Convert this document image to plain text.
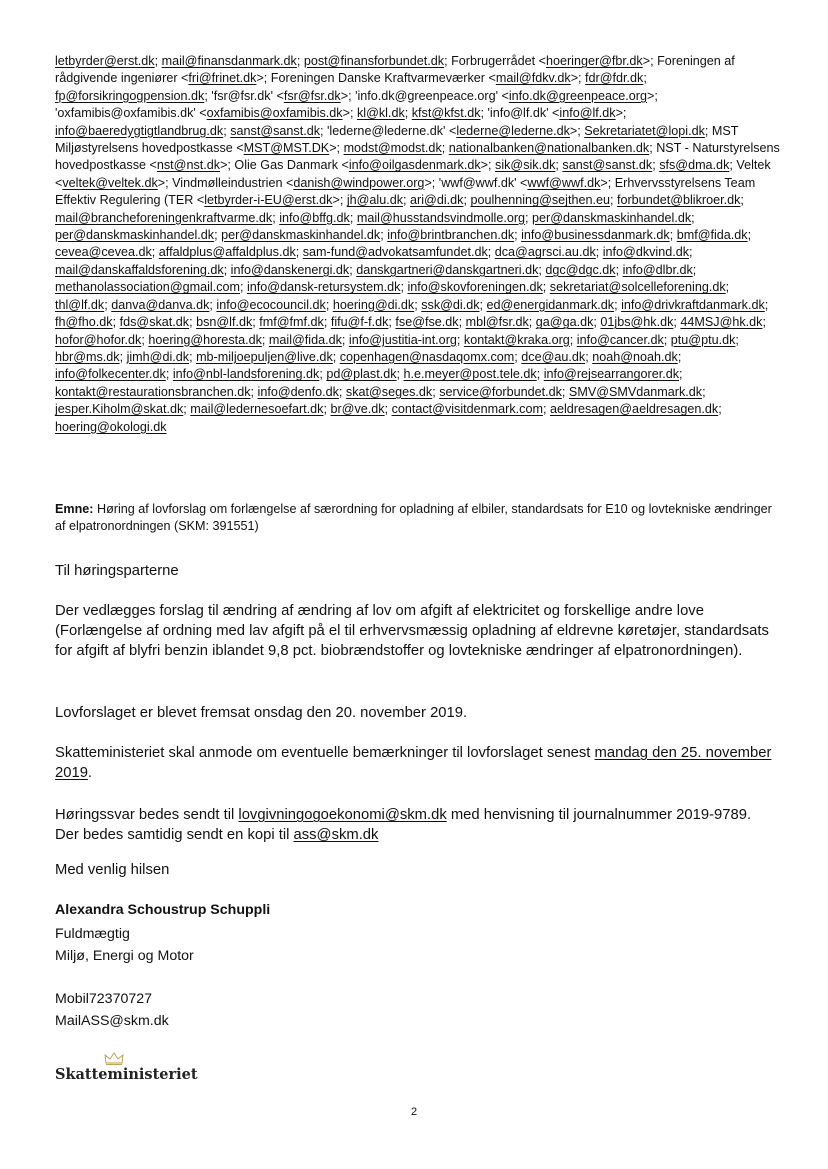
letbyrder@erst.dk; mail@finansdanmark.dk; post@finansforbundet.dk; Forbrugerrådet <hoeringer@fbr.dk>; Foreningen af rådgivende ingeniører <fri@frinet.dk>; Foreningen Danske Kraftvarmeværker <mail@fdkv.dk>; fdr@fdr.dk; fp@forsikringogpension.dk; 'fsr@fsr.dk' <fsr@fsr.dk>; 'info.dk@greenpeace.org' <info.dk@greenpeace.org>; 'oxfamibis@oxfamibis.dk' <oxfamibis@oxfamibis.dk>; kl@kl.dk; kfst@kfst.dk; 'info@lf.dk' <info@lf.dk>; info@baeredygtigtlandbrug.dk; sanst@sanst.dk; 'lederne@lederne.dk' <lederne@lederne.dk>; Sekretariatet@lopi.dk; MST Miljøstyrelsens hovedpostkasse <MST@MST.DK>; modst@modst.dk; nationalbanken@nationalbanken.dk; NST - Naturstyrelsens hovedpostkasse <nst@nst.dk>; Olie Gas Danmark <info@oilgasdenmark.dk>; sik@sik.dk; sanst@sanst.dk; sfs@dma.dk; Veltek <veltek@veltek.dk>; Vindmølleindustrien <danish@windpower.org>; 'wwf@wwf.dk' <wwf@wwf.dk>; Erhvervsstyrelsens Team Effektiv Regulering (TER <letbyrder-i-EU@erst.dk>; jh@alu.dk; ari@di.dk; poulhenning@sejthen.eu; forbundet@blikroer.dk; mail@brancheforeningenkraftvarme.dk; info@bffg.dk; mail@husstandsvindmolle.org; per@danskmaskinhandel.dk; per@danskmaskinhandel.dk; per@danskmaskinhandel.dk; info@brintbranchen.dk; info@businessdanmark.dk; bmf@fida.dk; cevea@cevea.dk; affaldplus@affaldplus.dk; sam-fund@advokatsamfundet.dk; dca@agrsci.au.dk; info@dkvind.dk; mail@danskaffaldsforening.dk; info@danskenergi.dk; danskgartneri@danskgartneri.dk; dgc@dgc.dk; info@dlbr.dk; methanolassociation@gmail.com; info@dansk-retursystem.dk; info@skovforeningen.dk; sekretariat@solcelleforening.dk; thl@lf.dk; danva@danva.dk; info@ecocouncil.dk; hoering@di.dk; ssk@di.dk; ed@energidanmark.dk; info@drivkraftdanmark.dk; fh@fho.dk; fds@skat.dk; bsn@lf.dk; fmf@fmf.dk; fifu@f-f.dk; fse@fse.dk; mbl@fsr.dk; ga@ga.dk; 01jbs@hk.dk; 44MSJ@hk.dk; hofor@hofor.dk; hoering@horesta.dk; mail@fida.dk; info@justitia-int.org; kontakt@kraka.org; info@cancer.dk; ptu@ptu.dk; hbr@ms.dk; jimh@di.dk; mb-miljoepuljen@live.dk; copenhagen@nasdaqomx.com; dce@au.dk; noah@noah.dk; info@folkecenter.dk; info@nbl-landsforening.dk; pd@plast.dk; h.e.meyer@post.tele.dk; info@rejsearrangorer.dk; kontakt@restaurationsbranchen.dk; info@denfo.dk; skat@seges.dk; service@forbundet.dk; SMV@SMVdanmark.dk; jesper.Kiholm@skat.dk; mail@ledernesoefart.dk; br@ve.dk; contact@visitdenmark.com; aeldresagen@aeldresagen.dk; hoering@okologi.dk
Emne: Høring af lovforslag om forlængelse af særordning for opladning af elbiler, standardsats for E10 og lovtekniske ændringer af elpatronordningen (SKM: 391551)
Til høringsparterne
Der vedlægges forslag til ændring af ændring af lov om afgift af elektricitet og forskellige andre love (Forlængelse af ordning med lav afgift på el til erhvervsmæssig opladning af eldrevne køretøjer, standardsats for afgift af blyfri benzin iblandet 9,8 pct. biobrændstoffer og lovtekniske ændringer af elpatronordningen).
Lovforslaget er blevet fremsat onsdag den 20. november 2019.
Skatteministeriet skal anmode om eventuelle bemærkninger til lovforslaget senest mandag den 25. november 2019.
Høringssvar bedes sendt til lovgivningogoekonomi@skm.dk med henvisning til journalnummer 2019-9789.
Der bedes samtidig sendt en kopi til ass@skm.dk
Med venlig hilsen
Alexandra Schoustrup Schuppli
Fuldmægtig
Miljø, Energi og Motor
Mobil72370727
MailASS@skm.dk
Skatteministeriet
2
